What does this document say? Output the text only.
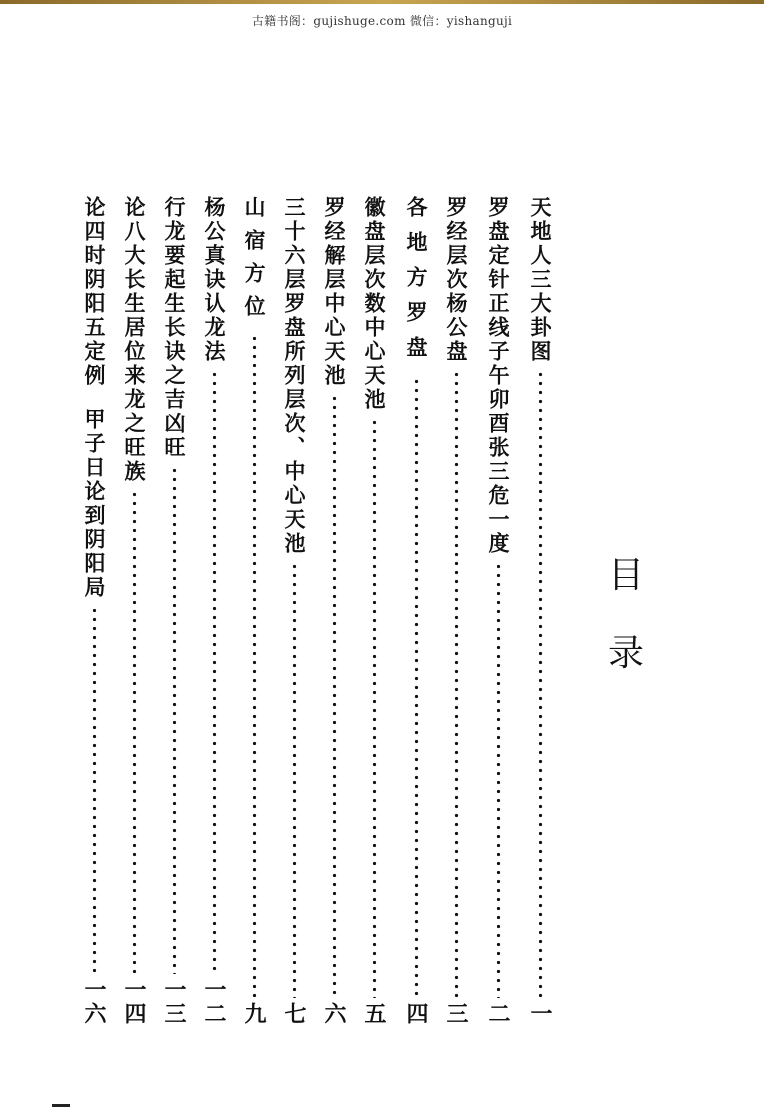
古籍书阁：gujishuge.com 微信：yishanguji
目
录
天地人三大卦图
一
罗盘定针正线子午卯酉张三危一度
二
罗经层次杨公盘
三
各地方罗盘
四
徽盘层次数中心天池
五
罗经解层中心天池
六
三十六层罗盘所列层次、中心天池
七
山宿方位
九
杨公真诀认龙法
一二
行龙要起生长诀之吉凶旺
一三
论八大长生居位来龙之旺族
一四
论四时阴阳五定例
甲子日论到阴阳局
一六
